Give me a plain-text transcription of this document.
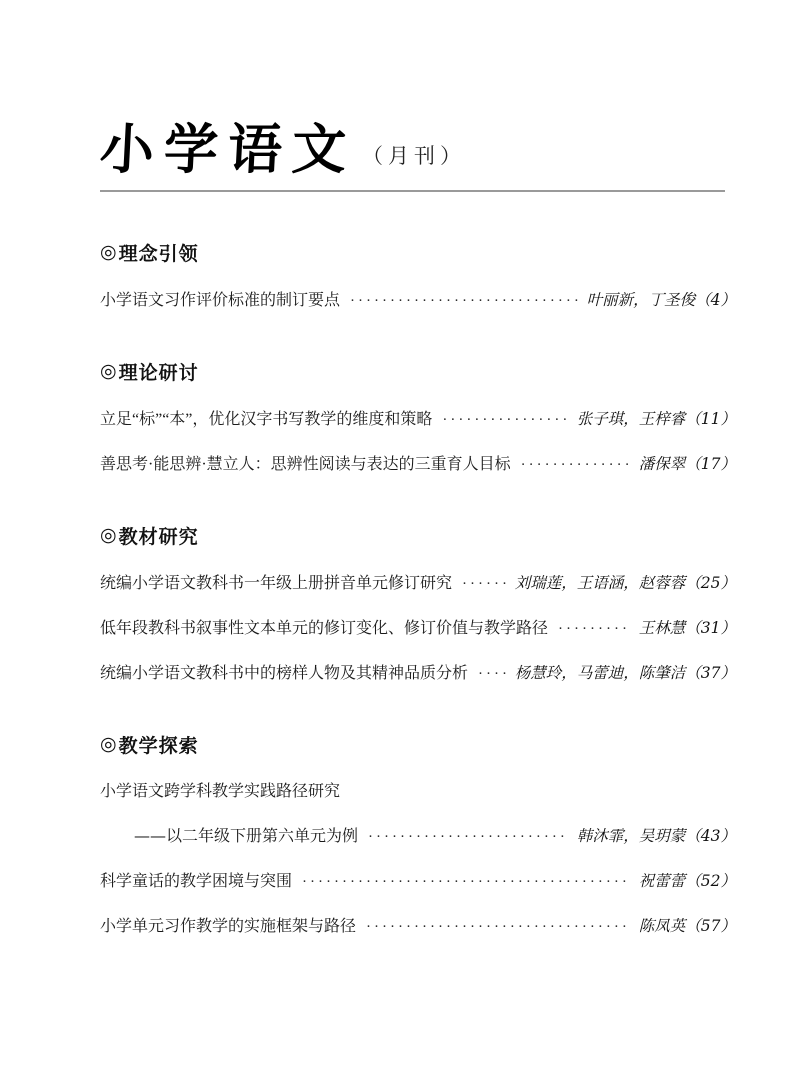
小学语文 （月刊）
◎ 理念引领
小学语文习作评价标准的制订要点 ·····	叶丽新，丁圣俊 （4）
◎ 理论研讨
立足“标”“本”，优化汉字书写教学的维度和策略 ·····	张子琪，王梓睿 （11）
善思考·能思辨·慧立人：思辨性阅读与表达的三重育人目标 ·····	潘保翠 （17）
◎ 教材研究
统编小学语文教科书一年级上册拼音单元修订研究 ·····	刘瑞莲，王语涵，赵蓉蓉 （25）
低年段教科书叙事性文本单元的修订变化、修订价值与教学路径 ·····	王林慧 （31）
统编小学语文教科书中的榜样人物及其精神品质分析 ·····	杨慧玲，马蕾迪，陈肇洁 （37）
◎ 教学探索
小学语文跨学科教学实践路径研究
——以二年级下册第六单元为例 ·····	韩沐霏，吴玥蒙 （43）
科学童话的教学困境与突围 ·····	祝蕾蕾 （52）
小学单元习作教学的实施框架与路径 ·····	陈凤英 （57）
